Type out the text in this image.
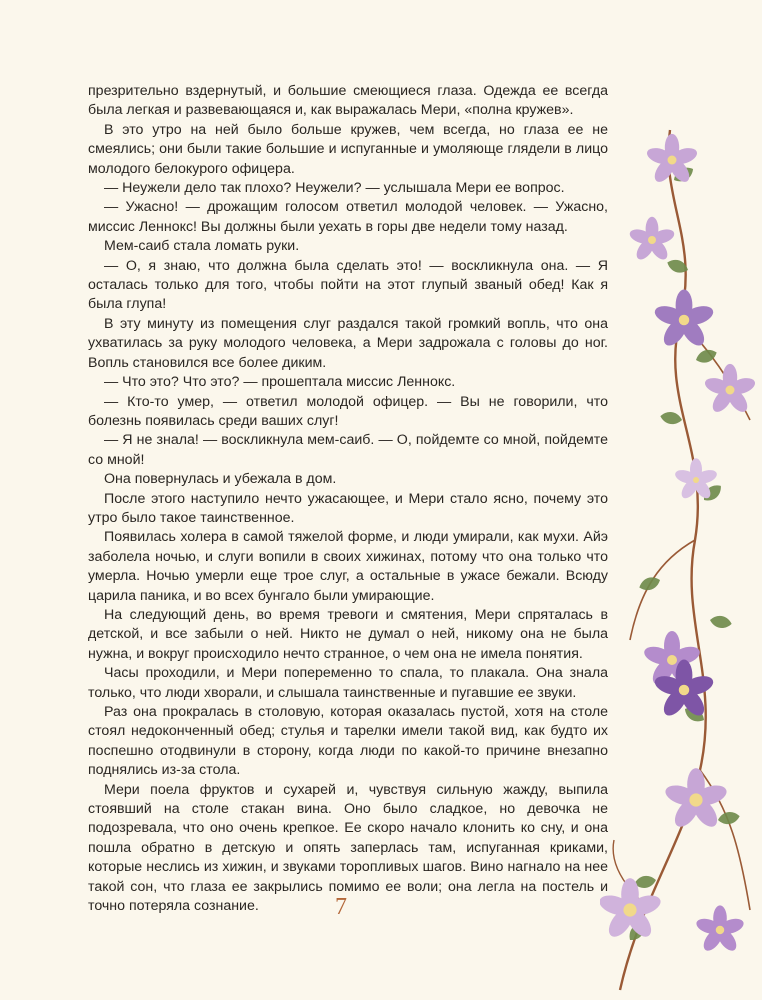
презрительно вздернутый, и большие смеющиеся глаза. Одежда ее всегда была легкая и развевающаяся и, как выражалась Мери, «полна кружев».

В это утро на ней было больше кружев, чем всегда, но глаза ее не смеялись; они были такие большие и испуганные и умоляюще глядели в лицо молодого белокурого офицера.

— Неужели дело так плохо? Неужели? — услышала Мери ее вопрос.

— Ужасно! — дрожащим голосом ответил молодой человек. — Ужасно, миссис Леннокс! Вы должны были уехать в горы две недели тому назад.

Мем-саиб стала ломать руки.

— О, я знаю, что должна была сделать это! — воскликнула она. — Я осталась только для того, чтобы пойти на этот глупый званый обед! Как я была глупа!

В эту минуту из помещения слуг раздался такой громкий вопль, что она ухватилась за руку молодого человека, а Мери задрожала с головы до ног. Вопль становился все более диким.

— Что это? Что это? — прошептала миссис Леннокс.

— Кто-то умер, — ответил молодой офицер. — Вы не говорили, что болезнь появилась среди ваших слуг!

— Я не знала! — воскликнула мем-саиб. — О, пойдемте со мной, пойдемте со мной!

Она повернулась и убежала в дом.

После этого наступило нечто ужасающее, и Мери стало ясно, почему это утро было такое таинственное.

Появилась холера в самой тяжелой форме, и люди умирали, как мухи. Айэ заболела ночью, и слуги вопили в своих хижинах, потому что она только что умерла. Ночью умерли еще трое слуг, а остальные в ужасе бежали. Всюду царила паника, и во всех бунгало были умирающие.

На следующий день, во время тревоги и смятения, Мери спряталась в детской, и все забыли о ней. Никто не думал о ней, никому она не была нужна, и вокруг происходило нечто странное, о чем она не имела понятия.

Часы проходили, и Мери попеременно то спала, то плакала. Она знала только, что люди хворали, и слышала таинственные и пугавшие ее звуки.

Раз она прокралась в столовую, которая оказалась пустой, хотя на столе стоял недоконченный обед; стулья и тарелки имели такой вид, как будто их поспешно отодвинули в сторону, когда люди по какой-то причине внезапно поднялись из-за стола.

Мери поела фруктов и сухарей и, чувствуя сильную жажду, выпила стоявший на столе стакан вина. Оно было сладкое, но девочка не подозревала, что оно очень крепкое. Ее скоро начало клонить ко сну, и она пошла обратно в детскую и опять заперлась там, испуганная криками, которые неслись из хижин, и звуками торопливых шагов. Вино нагнало на нее такой сон, что глаза ее закрылись помимо ее воли; она легла на постель и точно потеряла сознание.	7
